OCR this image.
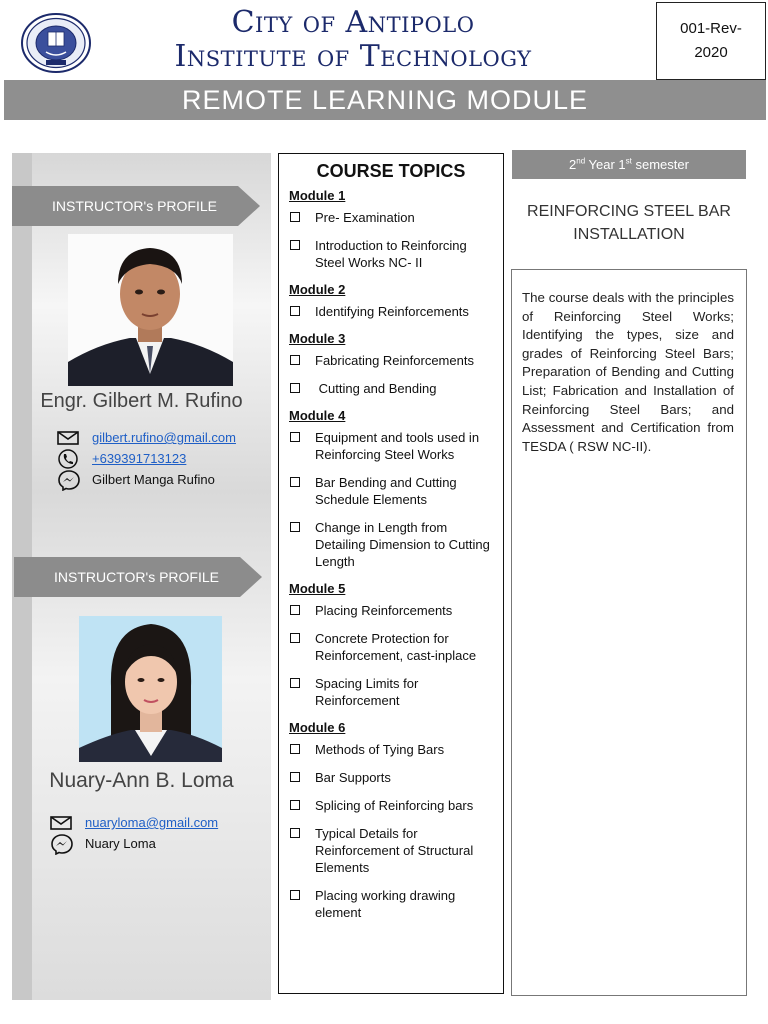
City of Antipolo
Institute of Technology
001-Rev-
2020
REMOTE LEARNING MODULE
INSTRUCTOR's PROFILE
Engr. Gilbert M. Rufino
gilbert.rufino@gmail.com
+639391713123
Gilbert Manga Rufino
INSTRUCTOR's PROFILE
Nuary-Ann B. Loma
nuaryloma@gmail.com
Nuary Loma
COURSE TOPICS
Module 1
Pre- Examination
Introduction to Reinforcing Steel Works NC- II
Module 2
Identifying Reinforcements
Module 3
Fabricating Reinforcements
Cutting and Bending
Module 4
Equipment and tools used in Reinforcing Steel Works
Bar Bending and Cutting Schedule Elements
Change in Length from Detailing Dimension to Cutting Length
Module 5
Placing Reinforcements
Concrete Protection for Reinforcement, cast-inplace
Spacing Limits for Reinforcement
Module 6
Methods of Tying Bars
Bar Supports
Splicing of Reinforcing bars
Typical Details for Reinforcement of Structural Elements
Placing working drawing element
2nd Year 1st semester
REINFORCING STEEL BAR
INSTALLATION

The course deals with the principles of Reinforcing Steel Works; Identifying the types, size and grades of Reinforcing Steel Bars; Preparation of Bending and Cutting List; Fabrication and Installation of Reinforcing Steel Bars; and Assessment and Certification from TESDA ( RSW NC-II).
